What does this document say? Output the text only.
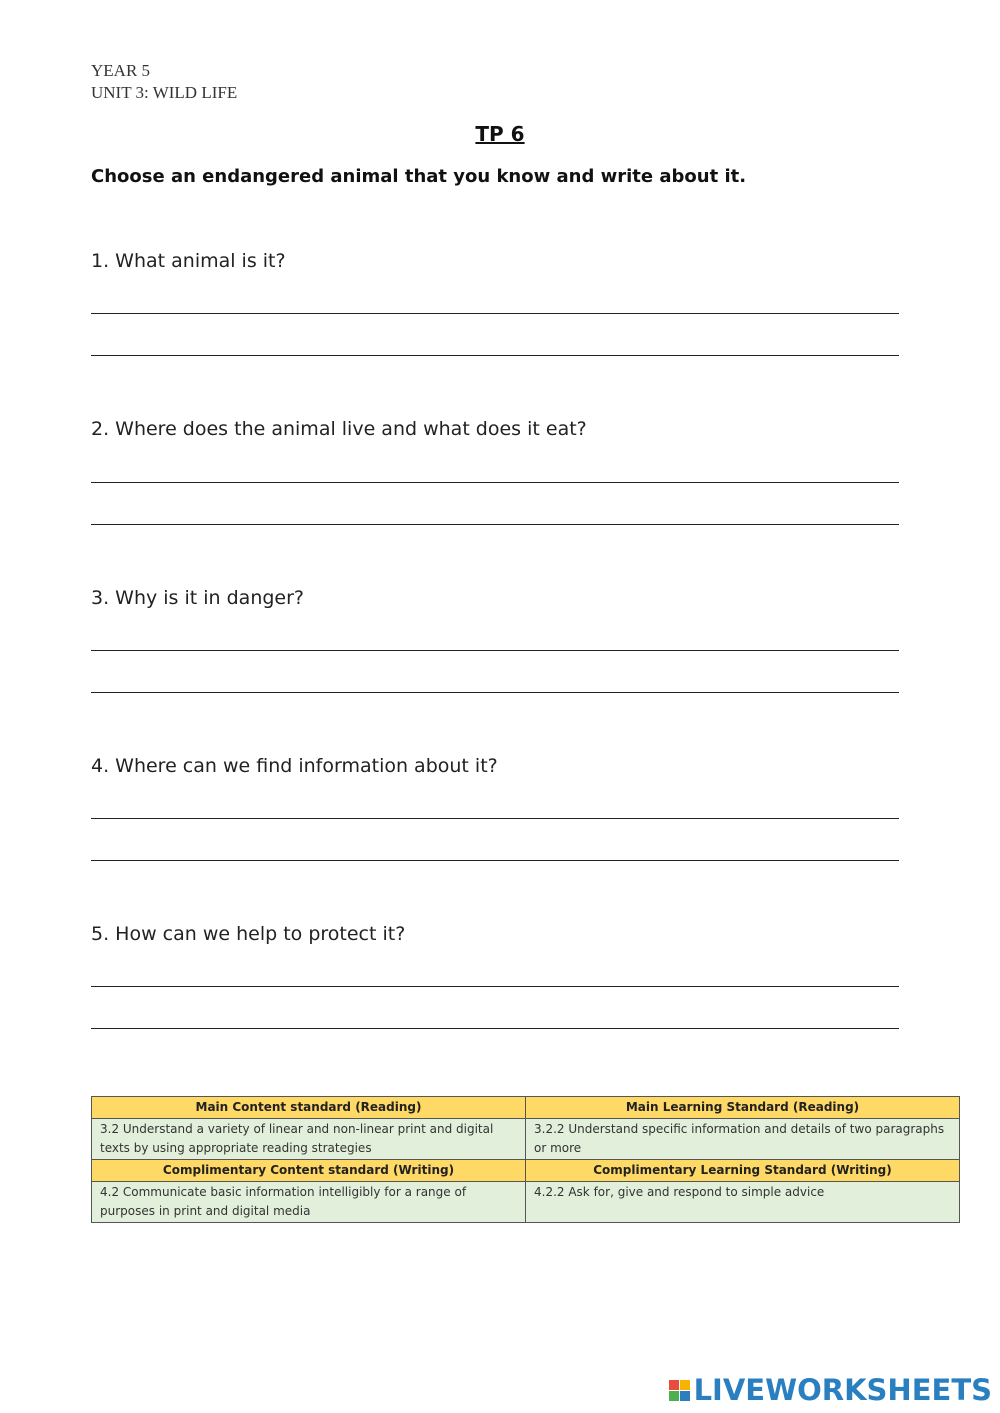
YEAR 5
UNIT 3: WILD LIFE
TP 6
Choose an endangered animal that you know and write about it.
1. What animal is it?
2. Where does the animal live and what does it eat?
3. Why is it in danger?
4. Where can we find information about it?
5. How can we help to protect it?
Main Content standard (Reading)	Main Learning Standard (Reading)
3.2 Understand a variety of linear and non-linear print and digital texts by using appropriate reading strategies	3.2.2 Understand specific information and details of two paragraphs or more
Complimentary Content standard (Writing)	Complimentary Learning Standard (Writing)
4.2 Communicate basic information intelligibly for a range of purposes in print and digital media	4.2.2 Ask for, give and respond to simple advice
LIVEWORKSHEETS
